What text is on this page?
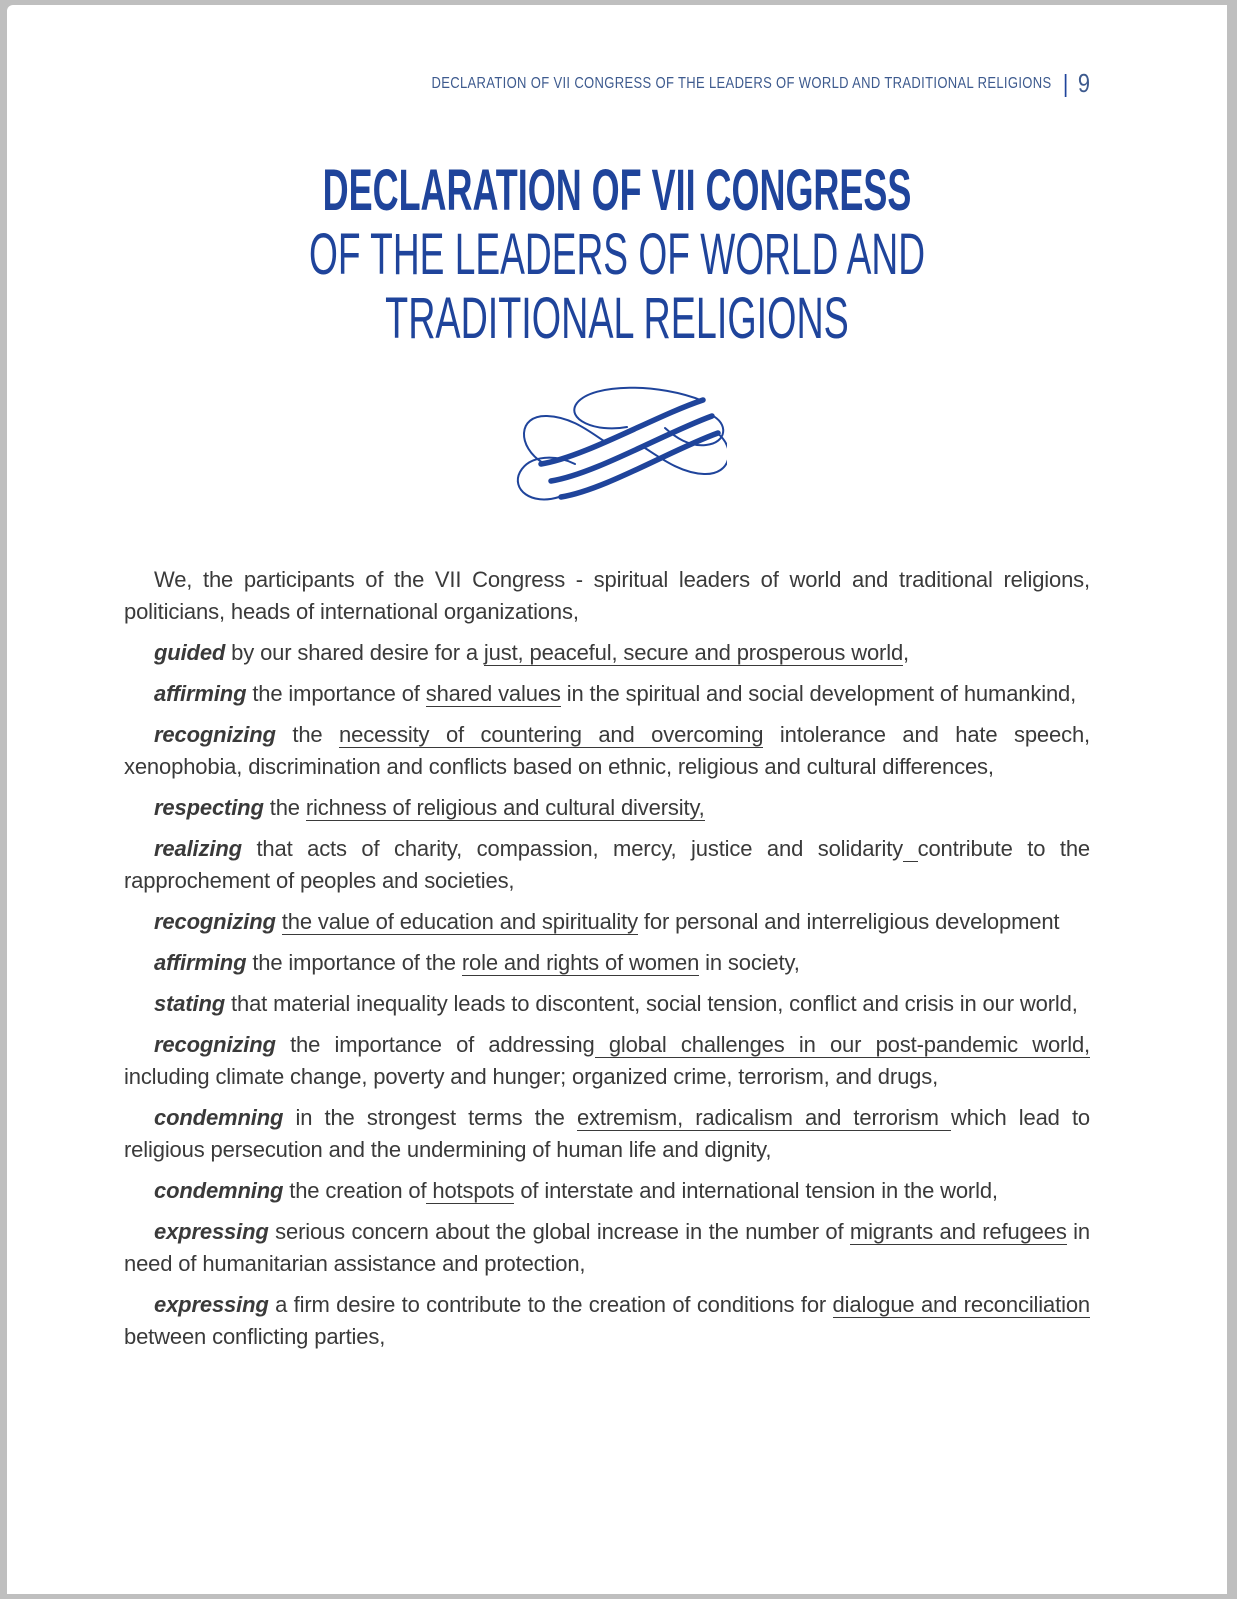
DECLARATION OF VII CONGRESS OF THE LEADERS OF WORLD AND TRADITIONAL RELIGIONS | 9
DECLARATION OF VII CONGRESS
OF THE LEADERS OF WORLD AND
TRADITIONAL RELIGIONS

We, the participants of the VII Congress - spiritual leaders of world and traditional religions, politicians, heads of international organizations,

guided by our shared desire for a just, peaceful, secure and prosperous world,

affirming the importance of shared values in the spiritual and social development of humankind,

recognizing the necessity of countering and overcoming intolerance and hate speech, xenophobia, discrimination and conflicts based on ethnic, religious and cultural differences,

respecting the richness of religious and cultural diversity,

realizing that acts of charity, compassion, mercy, justice and solidarity contribute to the rapprochement of peoples and societies,

recognizing the value of education and spirituality for personal and interreligious development

affirming the importance of the role and rights of women in society,

stating that material inequality leads to discontent, social tension, conflict and crisis in our world,

recognizing the importance of addressing global challenges in our post-pandemic world, including climate change, poverty and hunger; organized crime, terrorism, and drugs,

condemning in the strongest terms the extremism, radicalism and terrorism which lead to religious persecution and the undermining of human life and dignity,

condemning the creation of hotspots of interstate and international tension in the world,

expressing serious concern about the global increase in the number of migrants and refugees in need of humanitarian assistance and protection,

expressing a firm desire to contribute to the creation of conditions for dialogue and reconciliation between conflicting parties,
